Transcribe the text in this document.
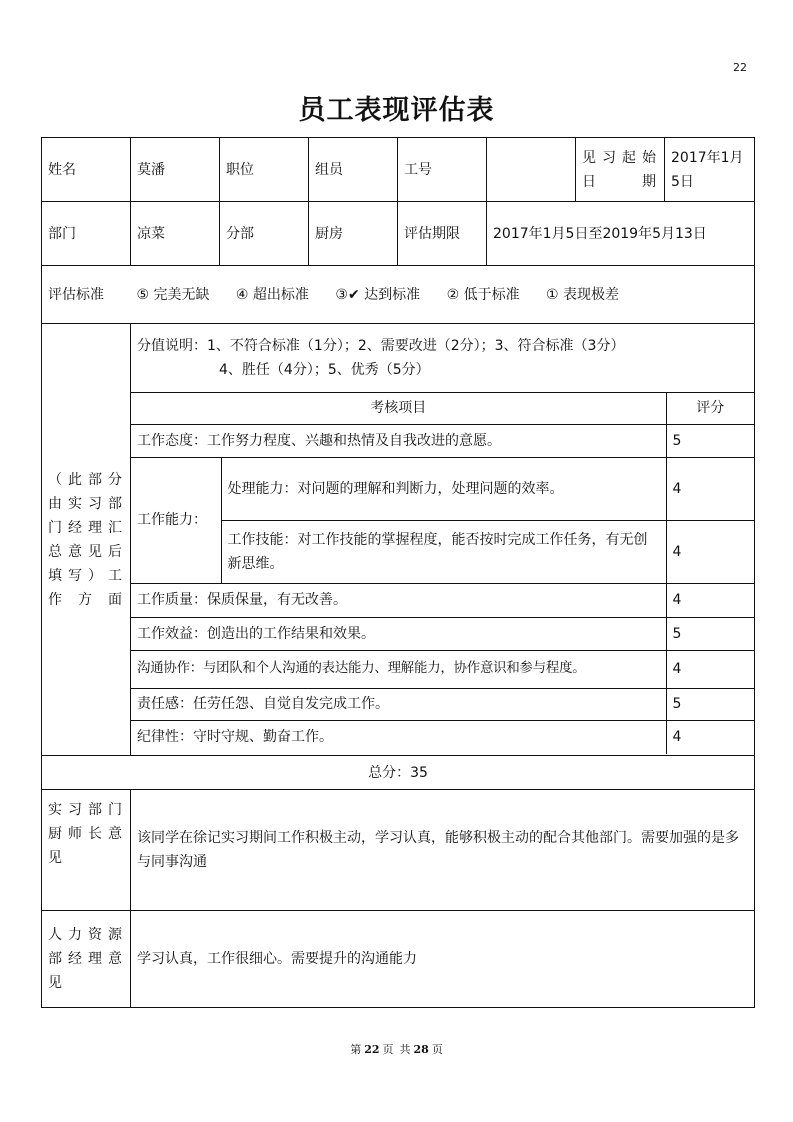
22
员工表现评估表
姓名	莫潘	职位	组员	工号		见习起始日期	2017年1月5日
部门	凉菜	分部	厨房	评估期限	2017年1月5日至2019年5月13日
评估标准 ⑤ 完美无缺 ④ 超出标准 ③✔ 达到标准 ② 低于标准 ① 表现极差
（此部分由实习部门经理汇总意见后填写）工作方面	
分值说明：1、不符合标准（1分）；2、需要改进（2分）；3、符合标准（3分）
4、胜任（4分）；5、优秀（5分）

考核项目	评分
工作态度：工作努力程度、兴趣和热情及自我改进的意愿。	5
工作能力：	处理能力：对问题的理解和判断力，处理问题的效率。	4
工作技能：对工作技能的掌握程度，能否按时完成工作任务，有无创新思维。	4
工作质量：保质保量，有无改善。	4
工作效益：创造出的工作结果和效果。	5
沟通协作：与团队和个人沟通的表达能力、理解能力，协作意识和参与程度。	4
责任感：任劳任怨、自觉自发完成工作。	5
纪律性：守时守规、勤奋工作。	4

总分：35
实习部门厨师长意见	该同学在徐记实习期间工作积极主动，学习认真，能够积极主动的配合其他部门。需要加强的是多与同事沟通
人力资源部经理意见	学习认真，工作很细心。需要提升的沟通能力
第 22 页 共 28 页
